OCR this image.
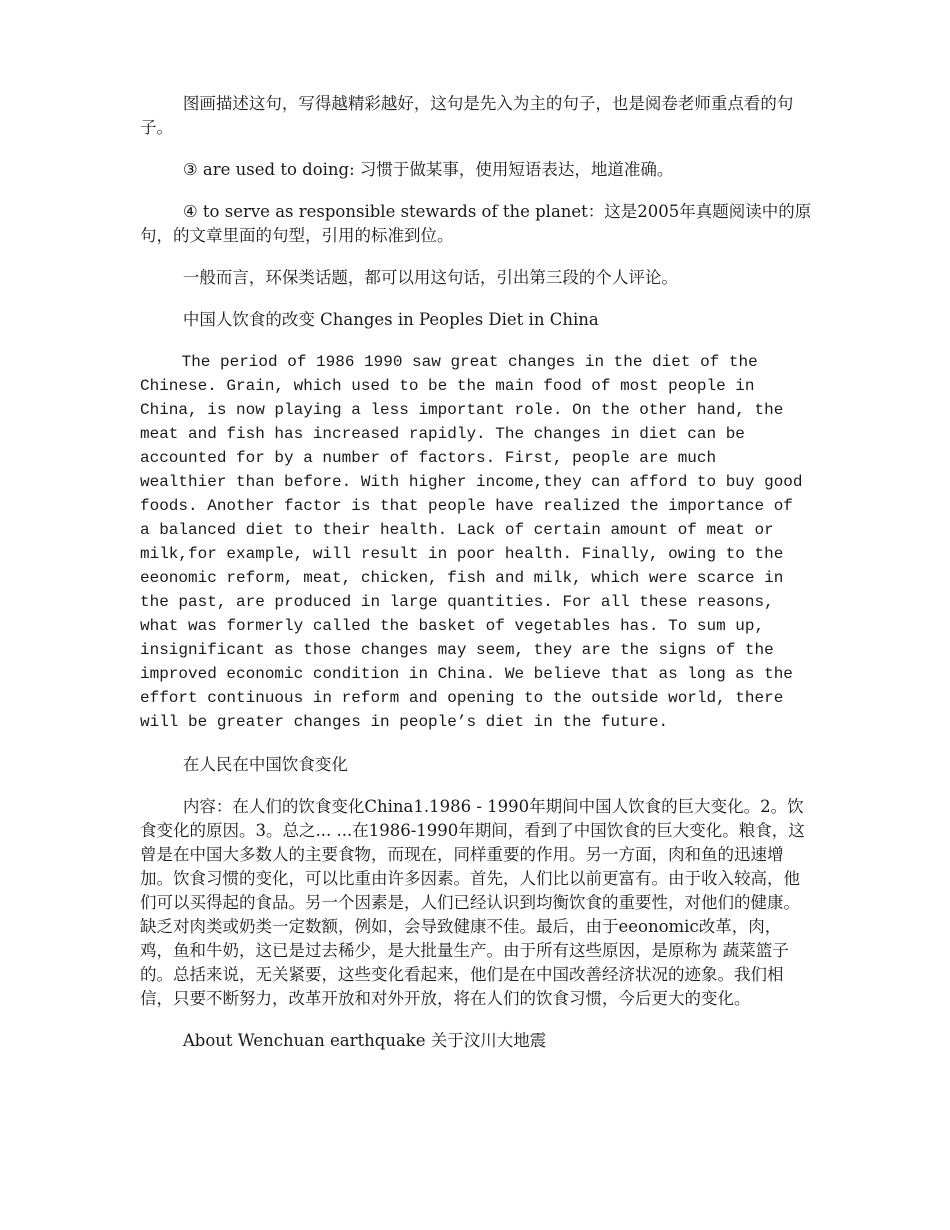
图画描述这句，写得越精彩越好，这句是先入为主的句子，也是阅卷老师重点看的句子。

③ are used to doing: 习惯于做某事，使用短语表达，地道准确。

④ to serve as responsible stewards of the planet：这是2005年真题阅读中的原句，的文章里面的句型，引用的标准到位。

一般而言，环保类话题，都可以用这句话，引出第三段的个人评论。

中国人饮食的改变 Changes in Peoples Diet in China

The period of 1986 1990 saw great changes in the diet of the Chinese. Grain, which used to be the main food of most people in China, is now playing a less important role. On the other hand, the meat and fish has increased rapidly. The changes in diet can be accounted for by a number of factors. First, people are much wealthier than before. With higher income,they can afford to buy good foods. Another factor is that people have realized the importance of a balanced diet to their health. Lack of certain amount of meat or milk,for example, will result in poor health. Finally, owing to the eeonomic reform, meat, chicken, fish and milk, which were scarce in the past, are produced in large quantities. For all these reasons, what was formerly called the basket of vegetables has. To sum up, insignificant as those changes may seem, they are the signs of the improved economic condition in China. We believe that as long as the effort continuous in reform and opening to the outside world, there will be greater changes in people’s diet in the future.

在人民在中国饮食变化

内容：在人们的饮食变化China1.1986 - 1990年期间中国人饮食的巨大变化。2。饮食变化的原因。3。总之... ...在1986-1990年期间，看到了中国饮食的巨大变化。粮食，这曾是在中国大多数人的主要食物，而现在，同样重要的作用。另一方面，肉和鱼的迅速增加。饮食习惯的变化，可以比重由许多因素。首先，人们比以前更富有。由于收入较高，他们可以买得起的食品。另一个因素是，人们已经认识到均衡饮食的重要性，对他们的健康。缺乏对肉类或奶类一定数额，例如，会导致健康不佳。最后，由于eeonomic改革，肉，鸡，鱼和牛奶，这已是过去稀少，是大批量生产。由于所有这些原因，是原称为 蔬菜篮子 的。总括来说，无关紧要，这些变化看起来，他们是在中国改善经济状况的迹象。我们相信，只要不断努力，改革开放和对外开放，将在人们的饮食习惯，今后更大的变化。

About Wenchuan earthquake 关于汶川大地震
